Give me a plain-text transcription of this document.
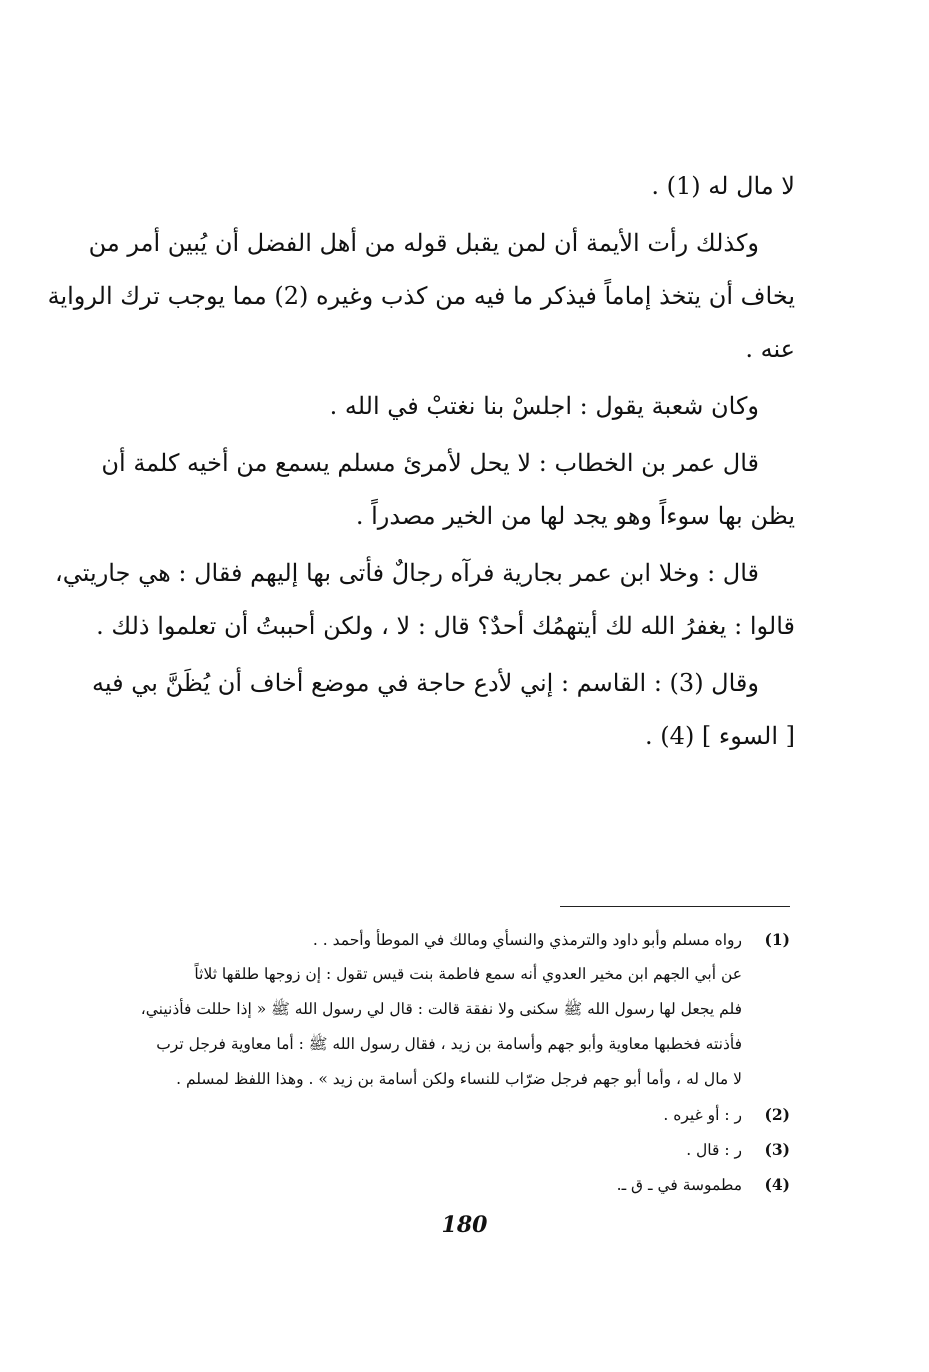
لا مال له (1) .
وكذلك رأت الأيمة أن لمن يقبل قوله من أهل الفضل أن يُبين أمر من
يخاف أن يتخذ إماماً فيذكر ما فيه من كذب وغيره (2) مما يوجب ترك الرواية
عنه .
وكان شعبة يقول : اجلسْ بنا نغتبْ في الله .
قال عمر بن الخطاب : لا يحل لأمرئ مسلم يسمع من أخيه كلمة أن
يظن بها سوءاً وهو يجد لها من الخير مصدراً .
قال : وخلا ابن عمر بجارية فرآه رجالٌ فأتى بها إليهم فقال : هي جاريتي،
قالوا : يغفرُ الله لك أيتهمُك أحدٌ؟ قال : لا ، ولكن أحببتُ أن تعلموا ذلك .
وقال (3) : القاسم : إني لأدع حاجة في موضع أخاف أن يُظَنَّ بي فيه
[ السوء ] (4) .
(1)رواه مسلم وأبو داود والترمذي والنسأي ومالك في الموطأ وأحمد . .
عن أبي الجهم ابن مخير العدوي أنه سمع فاطمة بنت قيس تقول : إن زوجها طلقها ثلاثاً
فلم يجعل لها رسول الله ﷺ سكنى ولا نفقة قالت : قال لي رسول الله ﷺ « إذا حللت فأذنيني،
فأذنته فخطبها معاوية وأبو جهم وأسامة بن زيد ، فقال رسول الله ﷺ : أما معاوية فرجل ترب
لا مال له ، وأما أبو جهم فرجل ضرّاب للنساء ولكن أسامة بن زيد » . وهذا اللفظ لمسلم .
(2)ر : أو غيره .
(3)ر : قال .
(4)مطموسة في ـ ق ـ.
180
